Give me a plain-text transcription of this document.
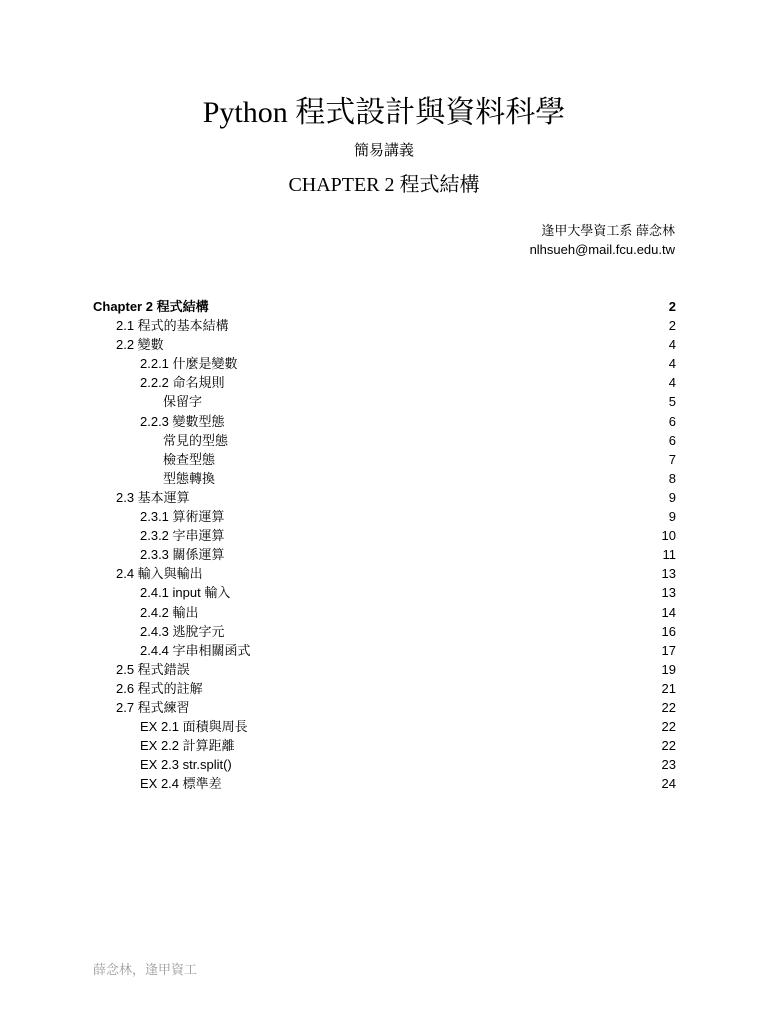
Python 程式設計與資料科學
簡易講義
CHAPTER 2 程式結構
逢甲大學資工系 薛念林
nlhsueh@mail.fcu.edu.tw
Chapter 2 程式結構	2
2.1 程式的基本結構	2
2.2 變數	4
2.2.1 什麼是變數	4
2.2.2 命名規則	4
保留字	5
2.2.3 變數型態	6
常見的型態	6
檢查型態	7
型態轉換	8
2.3 基本運算	9
2.3.1 算術運算	9
2.3.2 字串運算	10
2.3.3 關係運算	11
2.4 輸入與輸出	13
2.4.1 input 輸入	13
2.4.2 輸出	14
2.4.3 逃脫字元	16
2.4.4 字串相關函式	17
2.5 程式錯誤	19
2.6 程式的註解	21
2.7 程式練習	22
EX 2.1 面積與周長	22
EX 2.2 計算距離	22
EX 2.3 str.split()	23
EX 2.4 標準差	24
薛念林，逢甲資工
